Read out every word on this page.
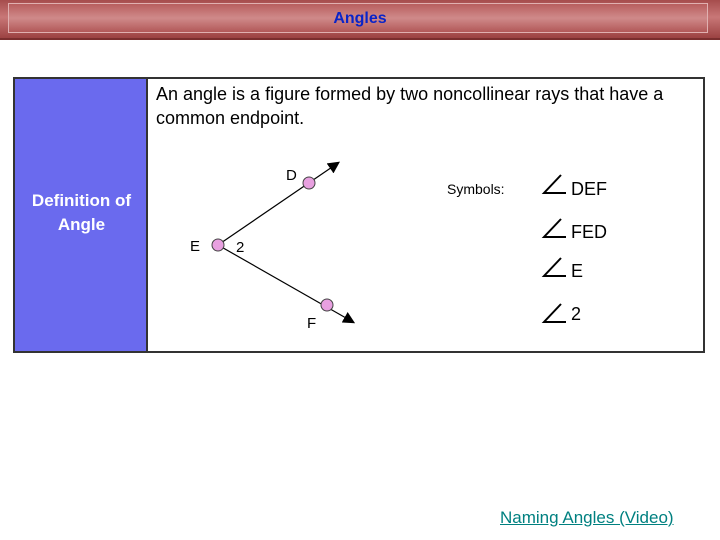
Angles
Definition of Angle
An angle is a figure formed by two noncollinear rays that have a common endpoint.
D
E 2
F
Symbols:	DEF
FED
E
2
Naming Angles (Video)
